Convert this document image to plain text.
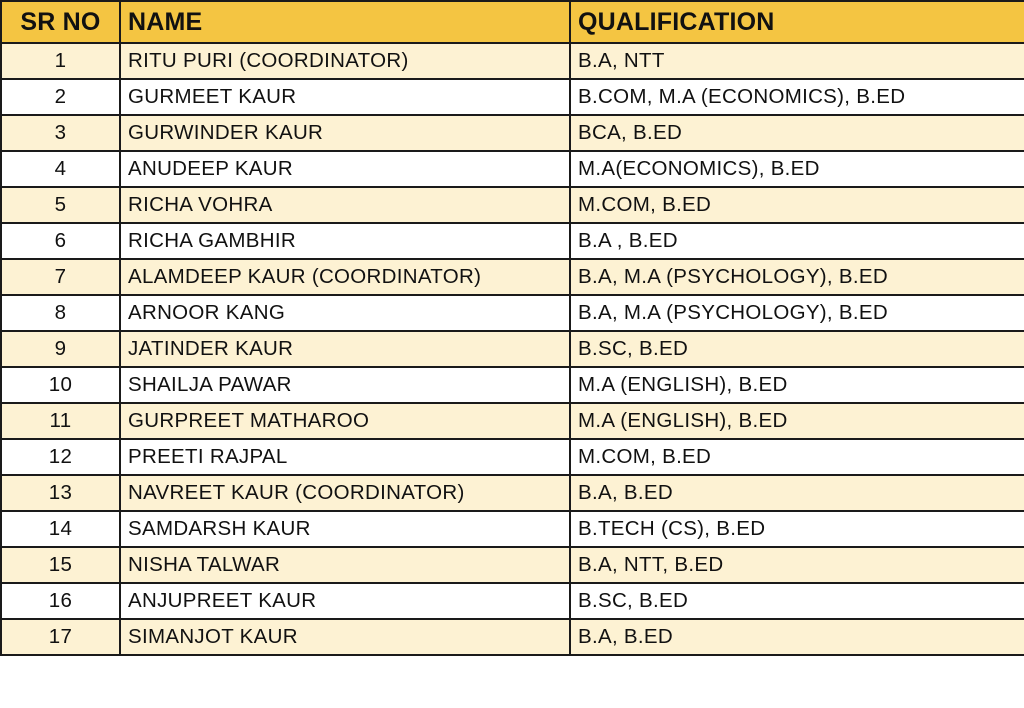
SR NO	NAME	QUALIFICATION
1	RITU PURI (COORDINATOR)	B.A, NTT
2	GURMEET KAUR	B.COM, M.A (ECONOMICS), B.ED
3	GURWINDER KAUR	BCA, B.ED
4	ANUDEEP KAUR	M.A(ECONOMICS), B.ED
5	RICHA VOHRA	M.COM, B.ED
6	RICHA GAMBHIR	B.A , B.ED
7	ALAMDEEP KAUR (COORDINATOR)	B.A, M.A (PSYCHOLOGY), B.ED
8	ARNOOR KANG	B.A, M.A (PSYCHOLOGY), B.ED
9	JATINDER KAUR	B.SC, B.ED
10	SHAILJA PAWAR	M.A (ENGLISH), B.ED
11	GURPREET MATHAROO	M.A (ENGLISH), B.ED
12	PREETI RAJPAL	M.COM, B.ED
13	NAVREET KAUR (COORDINATOR)	B.A, B.ED
14	SAMDARSH KAUR	B.TECH (CS), B.ED
15	NISHA TALWAR	B.A, NTT, B.ED
16	ANJUPREET KAUR	B.SC, B.ED
17	SIMANJOT KAUR	B.A, B.ED
